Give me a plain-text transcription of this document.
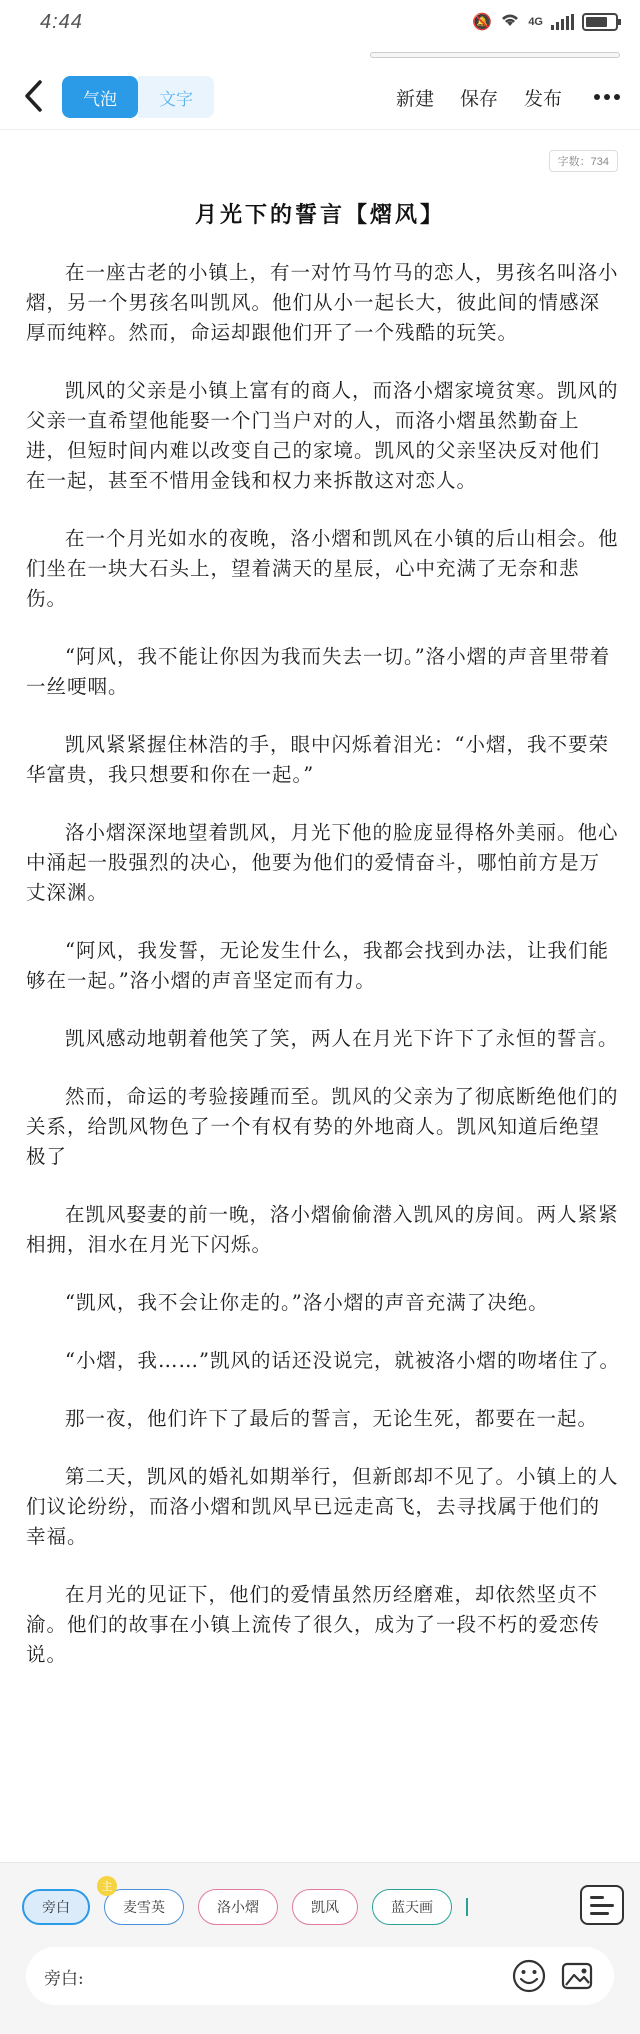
4:44	🔕	4G
气泡	文字	新建 保存 发布
字数：734
月光下的誓言【熠风】

在一座古老的小镇上，有一对竹马竹马的恋人，男孩名叫洛小熠，另一个男孩名叫凯风。他们从小一起长大，彼此间的情感深厚而纯粹。然而，命运却跟他们开了一个残酷的玩笑。

凯风的父亲是小镇上富有的商人，而洛小熠家境贫寒。凯风的父亲一直希望他能娶一个门当户对的人，而洛小熠虽然勤奋上进，但短时间内难以改变自己的家境。凯风的父亲坚决反对他们在一起，甚至不惜用金钱和权力来拆散这对恋人。

在一个月光如水的夜晚，洛小熠和凯风在小镇的后山相会。他们坐在一块大石头上，望着满天的星辰，心中充满了无奈和悲伤。

“阿风，我不能让你因为我而失去一切。”洛小熠的声音里带着一丝哽咽。

凯风紧紧握住林浩的手，眼中闪烁着泪光：“小熠，我不要荣华富贵，我只想要和你在一起。”

洛小熠深深地望着凯风，月光下他的脸庞显得格外美丽。他心中涌起一股强烈的决心，他要为他们的爱情奋斗，哪怕前方是万丈深渊。

“阿风，我发誓，无论发生什么，我都会找到办法，让我们能够在一起。”洛小熠的声音坚定而有力。

凯风感动地朝着他笑了笑，两人在月光下许下了永恒的誓言。

然而，命运的考验接踵而至。凯风的父亲为了彻底断绝他们的关系，给凯风物色了一个有权有势的外地商人。凯风知道后绝望极了

在凯风娶妻的前一晚，洛小熠偷偷潜入凯风的房间。两人紧紧相拥，泪水在月光下闪烁。

“凯风，我不会让你走的。”洛小熠的声音充满了决绝。

“小熠，我……”凯风的话还没说完，就被洛小熠的吻堵住了。

那一夜，他们许下了最后的誓言，无论生死，都要在一起。

第二天，凯风的婚礼如期举行，但新郎却不见了。小镇上的人们议论纷纷，而洛小熠和凯风早已远走高飞，去寻找属于他们的幸福。

在月光的见证下，他们的爱情虽然历经磨难，却依然坚贞不渝。他们的故事在小镇上流传了很久，成为了一段不朽的爱恋传说。

旁白
主
麦雪英	洛小熠	凯风	蓝天画
旁白:
